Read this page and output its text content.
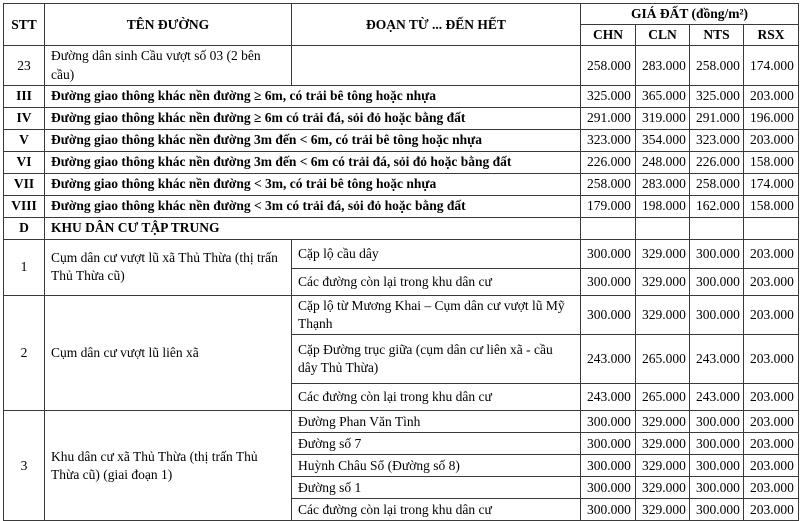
STT	TÊN ĐƯỜNG	ĐOẠN TỪ ... ĐẾN HẾT	GIÁ ĐẤT (đồng/m²)			
			CHN	CLN	NTS	RSX
23	Đường dân sinh Cầu vượt số 03 (2 bên cầu)		258.000	283.000	258.000	174.000
III	Đường giao thông khác nền đường ≥ 6m, có trải bê tông hoặc nhựa		325.000	365.000	325.000	203.000
IV	Đường giao thông khác nền đường ≥ 6m có trải đá, sỏi đỏ hoặc bằng đất		291.000	319.000	291.000	196.000
V	Đường giao thông khác nền đường 3m đến < 6m, có trải bê tông hoặc nhựa		323.000	354.000	323.000	203.000
VI	Đường giao thông khác nền đường 3m đến < 6m có trải đá, sỏi đỏ hoặc bằng đất		226.000	248.000	226.000	158.000
VII	Đường giao thông khác nền đường < 3m, có trải bê tông hoặc nhựa		258.000	283.000	258.000	174.000
VIII	Đường giao thông khác nền đường < 3m có trải đá, sỏi đỏ hoặc bằng đất		179.000	198.000	162.000	158.000
D	KHU DÂN CƯ TẬP TRUNG					
1	Cụm dân cư vượt lũ xã Thủ Thừa (thị trấn Thủ Thừa cũ)	Cặp lộ cầu dây	300.000	329.000	300.000	203.000
		Các đường còn lại trong khu dân cư	300.000	329.000	300.000	203.000
2	Cụm dân cư vượt lũ liên xã	Cặp lộ từ Mương Khai – Cụm dân cư vượt lũ Mỹ Thạnh	300.000	329.000	300.000	203.000
		Cặp Đường trục giữa (cụm dân cư liên xã - cầu dây Thủ Thừa)	243.000	265.000	243.000	203.000
		Các đường còn lại trong khu dân cư	243.000	265.000	243.000	203.000
3	Khu dân cư xã Thủ Thừa (thị trấn Thủ Thừa cũ) (giai đoạn 1)	Đường Phan Văn Tình	300.000	329.000	300.000	203.000
		Đường số 7	300.000	329.000	300.000	203.000
		Huỳnh Châu Sổ (Đường số 8)	300.000	329.000	300.000	203.000
		Đường số 1	300.000	329.000	300.000	203.000
		Các đường còn lại trong khu dân cư	300.000	329.000	300.000	203.000
